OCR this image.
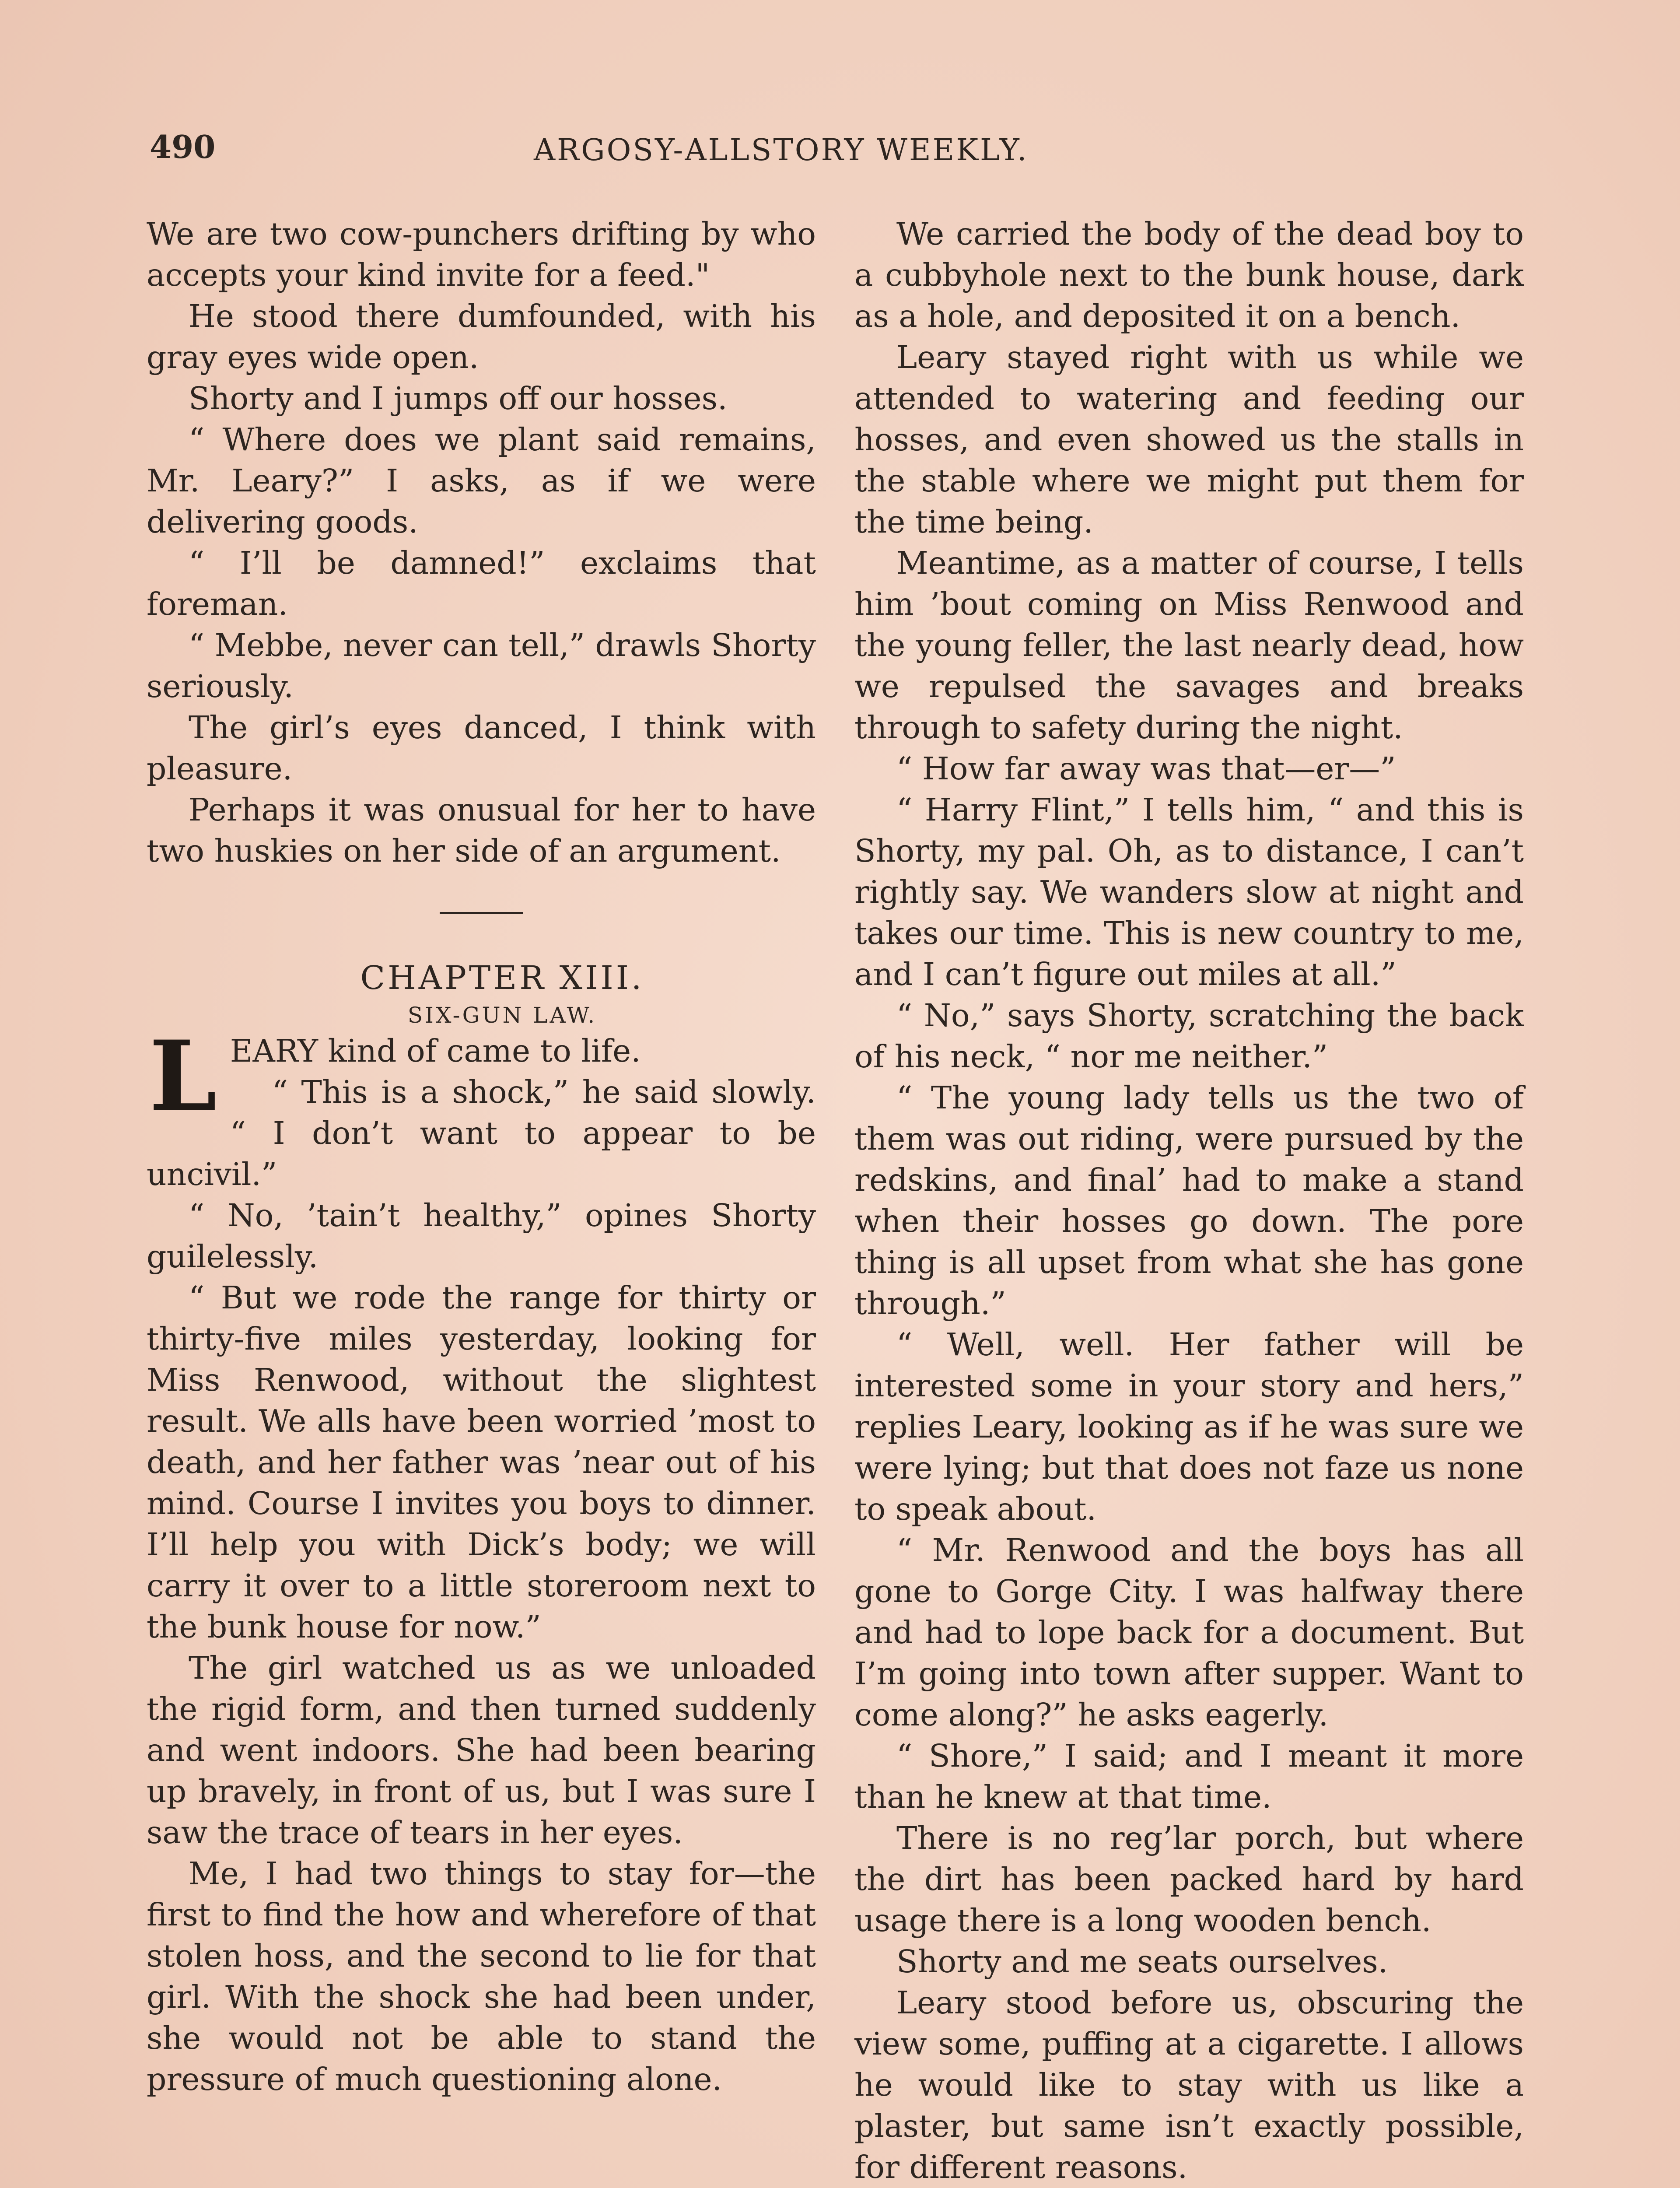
490	ARGOSY-ALLSTORY WEEKLY.

We are two cow-punchers drifting by who accepts your kind invite for a feed."

He stood there dumfounded, with his gray eyes wide open.

Shorty and I jumps off our hosses.

“ Where does we plant said remains, Mr. Leary?” I asks, as if we were delivering goods.

“ I’ll be damned!” exclaims that foreman.

“ Mebbe, never can tell,” drawls Shorty seriously.

The girl’s eyes danced, I think with pleasure.

Perhaps it was onusual for her to have two huskies on her side of an argument.

CHAPTER XIII.

SIX-GUN LAW.

LEARY kind of came to life.

“ This is a shock,” he said slowly. “ I don’t want to appear to be uncivil.”

“ No, ’tain’t healthy,” opines Shorty guilelessly.

“ But we rode the range for thirty or thirty-five miles yesterday, looking for Miss Renwood, without the slightest result. We alls have been worried ’most to death, and her father was ’near out of his mind. Course I invites you boys to dinner. I’ll help you with Dick’s body; we will carry it over to a little storeroom next to the bunk house for now.”

The girl watched us as we unloaded the rigid form, and then turned suddenly and went indoors. She had been bearing up bravely, in front of us, but I was sure I saw the trace of tears in her eyes.

Me, I had two things to stay for—the first to find the how and wherefore of that stolen hoss, and the second to lie for that girl. With the shock she had been under, she would not be able to stand the pressure of much questioning alone.

We carried the body of the dead boy to a cubbyhole next to the bunk house, dark as a hole, and deposited it on a bench.

Leary stayed right with us while we attended to watering and feeding our hosses, and even showed us the stalls in the stable where we might put them for the time being.

Meantime, as a matter of course, I tells him ’bout coming on Miss Renwood and the young feller, the last nearly dead, how we repulsed the savages and breaks through to safety during the night.

“ How far away was that—er—”

“ Harry Flint,” I tells him, “ and this is Shorty, my pal. Oh, as to distance, I can’t rightly say. We wanders slow at night and takes our time. This is new country to me, and I can’t figure out miles at all.”

“ No,” says Shorty, scratching the back of his neck, “ nor me neither.”

“ The young lady tells us the two of them was out riding, were pursued by the redskins, and final’ had to make a stand when their hosses go down. The pore thing is all upset from what she has gone through.”

“ Well, well. Her father will be interested some in your story and hers,” replies Leary, looking as if he was sure we were lying; but that does not faze us none to speak about.

“ Mr. Renwood and the boys has all gone to Gorge City. I was halfway there and had to lope back for a document. But I’m going into town after supper. Want to come along?” he asks eagerly.

“ Shore,” I said; and I meant it more than he knew at that time.

There is no reg’lar porch, but where the dirt has been packed hard by hard usage there is a long wooden bench.

Shorty and me seats ourselves.

Leary stood before us, obscuring the view some, puffing at a cigarette. I allows he would like to stay with us like a plaster, but same isn’t exactly possible, for different reasons.
